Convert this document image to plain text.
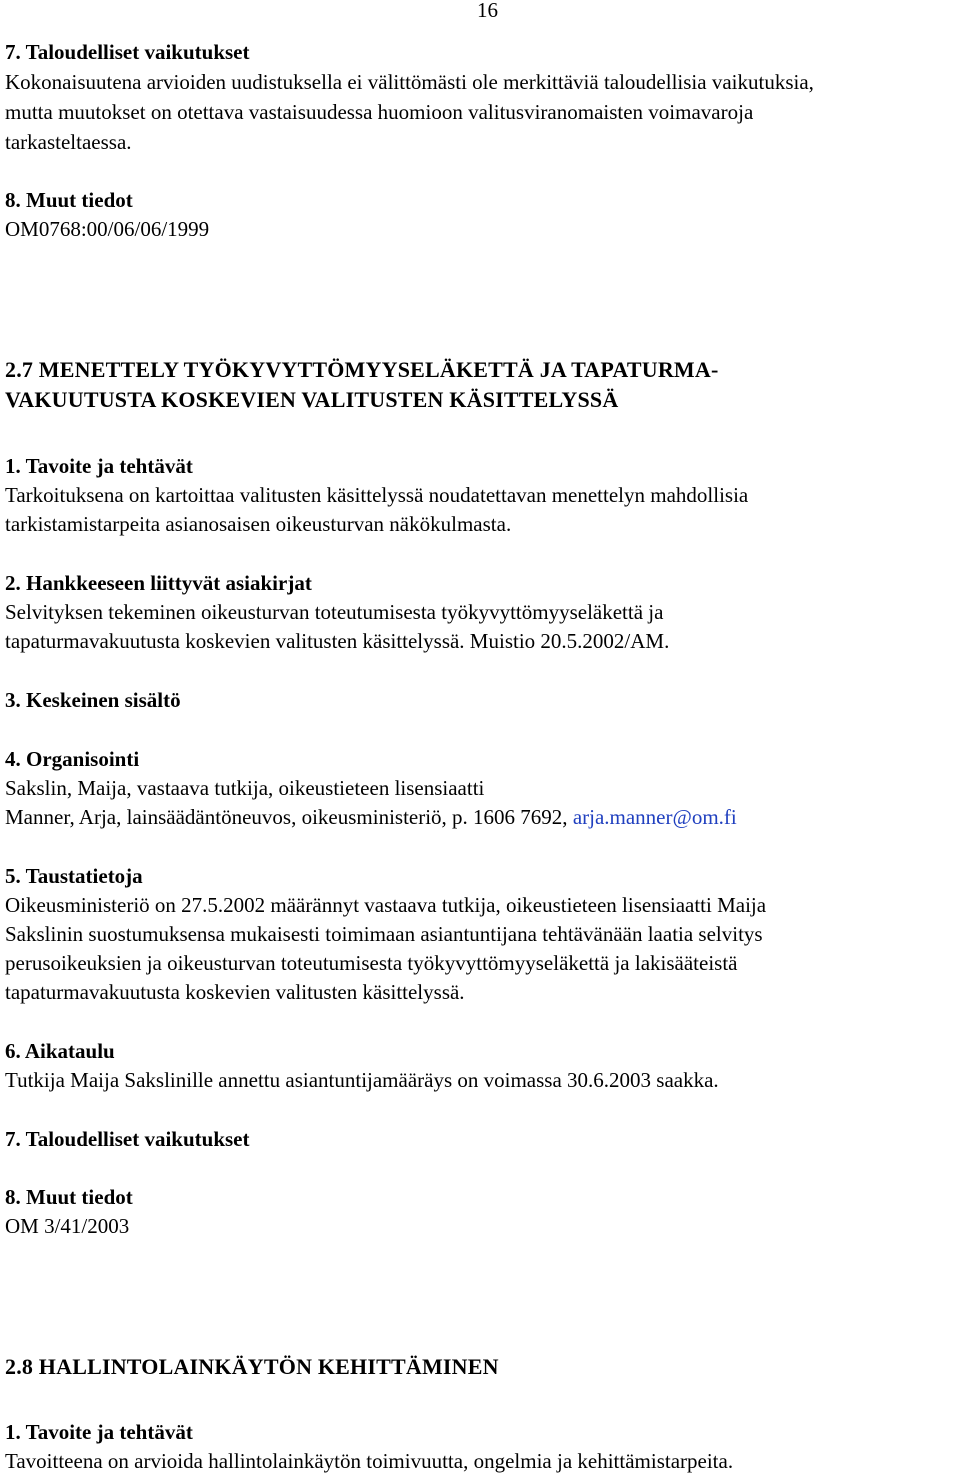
16
7. Taloudelliset vaikutukset
Kokonaisuutena arvioiden uudistuksella ei välittömästi ole merkittäviä taloudellisia vaikutuksia,
mutta muutokset on otettava vastaisuudessa huomioon valitusviranomaisten voimavaroja
tarkasteltaessa.
8. Muut tiedot
OM0768:00/06/06/1999
2.7 MENETTELY TYÖKYVYTTÖMYYSELÄKETTÄ JA TAPATURMA-
VAKUUTUSTA KOSKEVIEN VALITUSTEN KÄSITTELYSSÄ
1. Tavoite ja tehtävät
Tarkoituksena on kartoittaa valitusten käsittelyssä noudatettavan menettelyn mahdollisia
tarkistamistarpeita asianosaisen oikeusturvan näkökulmasta.
2. Hankkeeseen liittyvät asiakirjat
Selvityksen tekeminen oikeusturvan toteutumisesta työkyvyttömyyseläkettä ja
tapaturmavakuutusta koskevien valitusten käsittelyssä. Muistio 20.5.2002/AM.
3. Keskeinen sisältö
4. Organisointi
Sakslin, Maija, vastaava tutkija, oikeustieteen lisensiaatti
Manner, Arja, lainsäädäntöneuvos, oikeusministeriö, p. 1606 7692, arja.manner@om.fi
5. Taustatietoja
Oikeusministeriö on 27.5.2002 määrännyt vastaava tutkija, oikeustieteen lisensiaatti Maija
Sakslinin suostumuksensa mukaisesti toimimaan asiantuntijana tehtävänään laatia selvitys
perusoikeuksien ja oikeusturvan toteutumisesta työkyvyttömyyseläkettä ja lakisääteistä
tapaturmavakuutusta koskevien valitusten käsittelyssä.
6. Aikataulu
Tutkija Maija Sakslinille annettu asiantuntijamääräys on voimassa 30.6.2003 saakka.
7. Taloudelliset vaikutukset
8. Muut tiedot
OM 3/41/2003
2.8 HALLINTOLAINKÄYTÖN KEHITTÄMINEN
1. Tavoite ja tehtävät
Tavoitteena on arvioida hallintolainkäytön toimivuutta, ongelmia ja kehittämistarpeita.
